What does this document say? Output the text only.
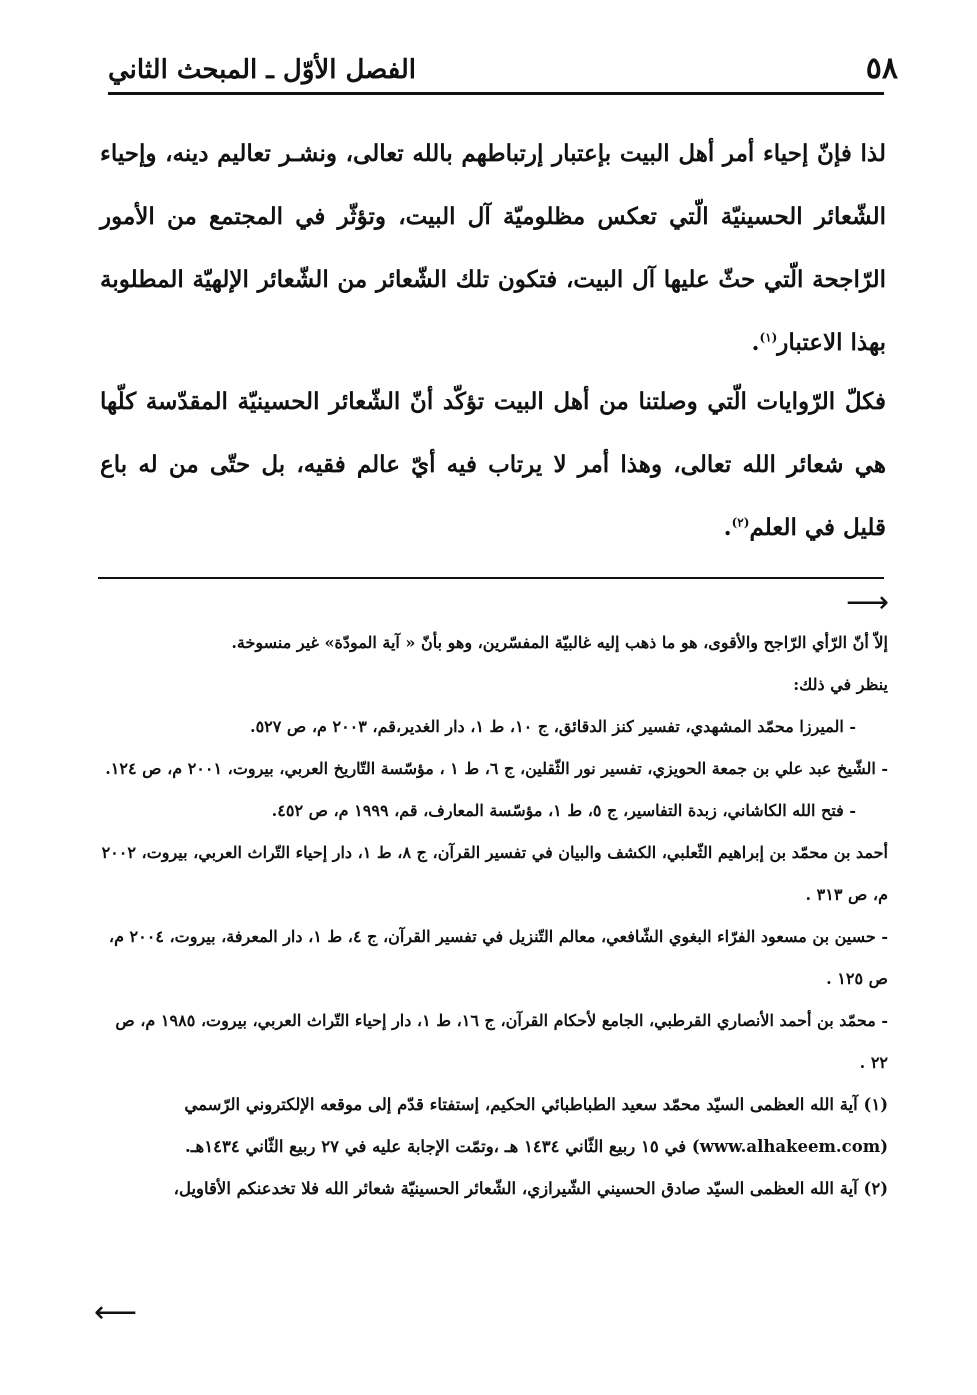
٥٨
الفصل الأوّل ـ المبحث الثاني

لذا فإنّ إحياء أمر أهل البيت بإعتبار إرتباطهم بالله تعالى، ونشـر تعاليم دينه، وإحياء الشّعائر الحسينيّة الّتي تعكس مظلوميّة آل البيت، وتؤثّر في المجتمع من الأمور الرّاجحة الّتي حثّ عليها آل البيت، فتكون تلك الشّعائر من الشّعائر الإلهيّة المطلوبة بهذا الاعتبار$^{(١)}$.

فكلّ الرّوايات الّتي وصلتنا من أهل البيت تؤكّد أنّ الشّعائر الحسينيّة المقدّسة كلّها هي شعائر الله تعالى، وهذا أمر لا يرتاب فيه أيّ عالم فقيه، بل حتّى من له باع قليل في العلم$^{(٢)}$.

⟶

إلاّ أنّ الرّأي الرّاجح والأقوى، هو ما ذهب إليه غالبيّة المفسّرين، وهو بأنّ « آية المودّة» غير منسوخة.

ينظر في ذلك:

- الميرزا محمّد المشهدي، تفسير كنز الدقائق، ج ١٠، ط ١، دار الغدير،قم، ٢٠٠٣ م، ص ٥٢٧.

- الشّيخ عبد علي بن جمعة الحويزي، تفسير نور الثّقلين، ج ٦، ط ١ ، مؤسّسة التّاريخ العربي، بيروت، ٢٠٠١ م، ص ١٢٤.

- فتح الله الكاشاني، زبدة التفاسير، ج ٥، ط ١، مؤسّسة المعارف، قم، ١٩٩٩ م، ص ٤٥٢.

أحمد بن محمّد بن إبراهيم الثّعلبي، الكشف والبيان في تفسير القرآن، ج ٨، ط ١، دار إحياء التّراث العربي، بيروت، ٢٠٠٢ م، ص ٣١٣ .

- حسين بن مسعود الفرّاء البغوي الشّافعي، معالم التّنزيل في تفسير القرآن، ج ٤، ط ١، دار المعرفة، بيروت، ٢٠٠٤ م، ص ١٢٥ .

- محمّد بن أحمد الأنصاري القرطبي، الجامع لأحكام القرآن، ج ١٦، ط ١، دار إحياء التّراث العربي، بيروت، ١٩٨٥ م، ص ٢٢ .

(١) آية الله العظمى السيّد محمّد سعيد الطباطبائي الحكيم، إستفتاء قدّم إلى موقعه الإلكتروني الرّسمي (www.alhakeem.com) في ١٥ ربيع الثّاني ١٤٣٤ هـ ،وتمّت الإجابة عليه في ٢٧ ربيع الثّاني ١٤٣٤هـ.

(٢) آية الله العظمى السيّد صادق الحسيني الشّيرازي، الشّعائر الحسينيّة شعائر الله فلا تخدعنكم الأقاويل،

⟵
